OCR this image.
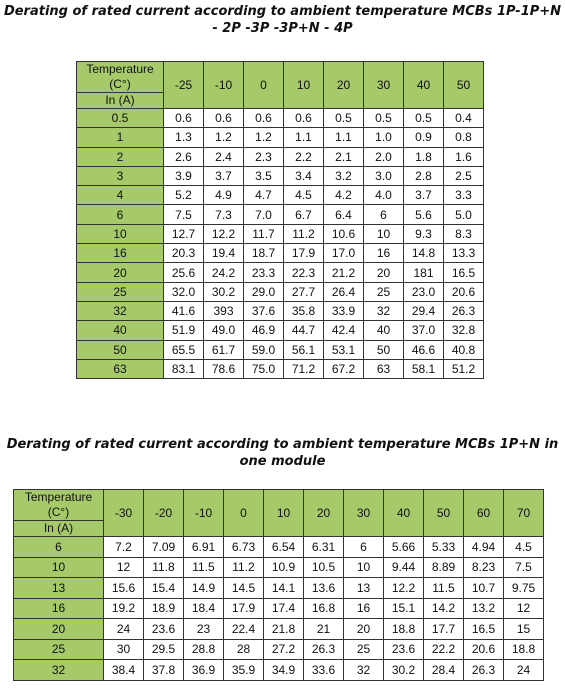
Derating of rated current according to ambient temperature MCBs 1P-1P+N
- 2P -3P -3P+N - 4P
Temperature
(C°)
In (A)	-25	-10	0	10	20	30	40	50
0.5	0.6	0.6	0.6	0.6	0.5	0.5	0.5	0.4
1	1.3	1.2	1.2	1.1	1.1	1.0	0.9	0.8
2	2.6	2.4	2.3	2.2	2.1	2.0	1.8	1.6
3	3.9	3.7	3.5	3.4	3.2	3.0	2.8	2.5
4	5.2	4.9	4.7	4.5	4.2	4.0	3.7	3.3
6	7.5	7.3	7.0	6.7	6.4	6	5.6	5.0
10	12.7	12.2	11.7	11.2	10.6	10	9.3	8.3
16	20.3	19.4	18.7	17.9	17.0	16	14.8	13.3
20	25.6	24.2	23.3	22.3	21.2	20	181	16.5
25	32.0	30.2	29.0	27.7	26.4	25	23.0	20.6
32	41.6	393	37.6	35.8	33.9	32	29.4	26.3
40	51.9	49.0	46.9	44.7	42.4	40	37.0	32.8
50	65.5	61.7	59.0	56.1	53.1	50	46.6	40.8
63	83.1	78.6	75.0	71.2	67.2	63	58.1	51.2
Derating of rated current according to ambient temperature MCBs 1P+N in
one module
Temperature
(C°)
In (A)	-30	-20	-10	0	10	20	30	40	50	60	70
6	7.2	7.09	6.91	6.73	6.54	6.31	6	5.66	5.33	4.94	4.5
10	12	11.8	11.5	11.2	10.9	10.5	10	9.44	8.89	8.23	7.5
13	15.6	15.4	14.9	14.5	14.1	13.6	13	12.2	11.5	10.7	9.75
16	19.2	18.9	18.4	17.9	17.4	16.8	16	15.1	14.2	13.2	12
20	24	23.6	23	22.4	21.8	21	20	18.8	17.7	16.5	15
25	30	29.5	28.8	28	27.2	26.3	25	23.6	22.2	20.6	18.8
32	38.4	37.8	36.9	35.9	34.9	33.6	32	30.2	28.4	26.3	24
